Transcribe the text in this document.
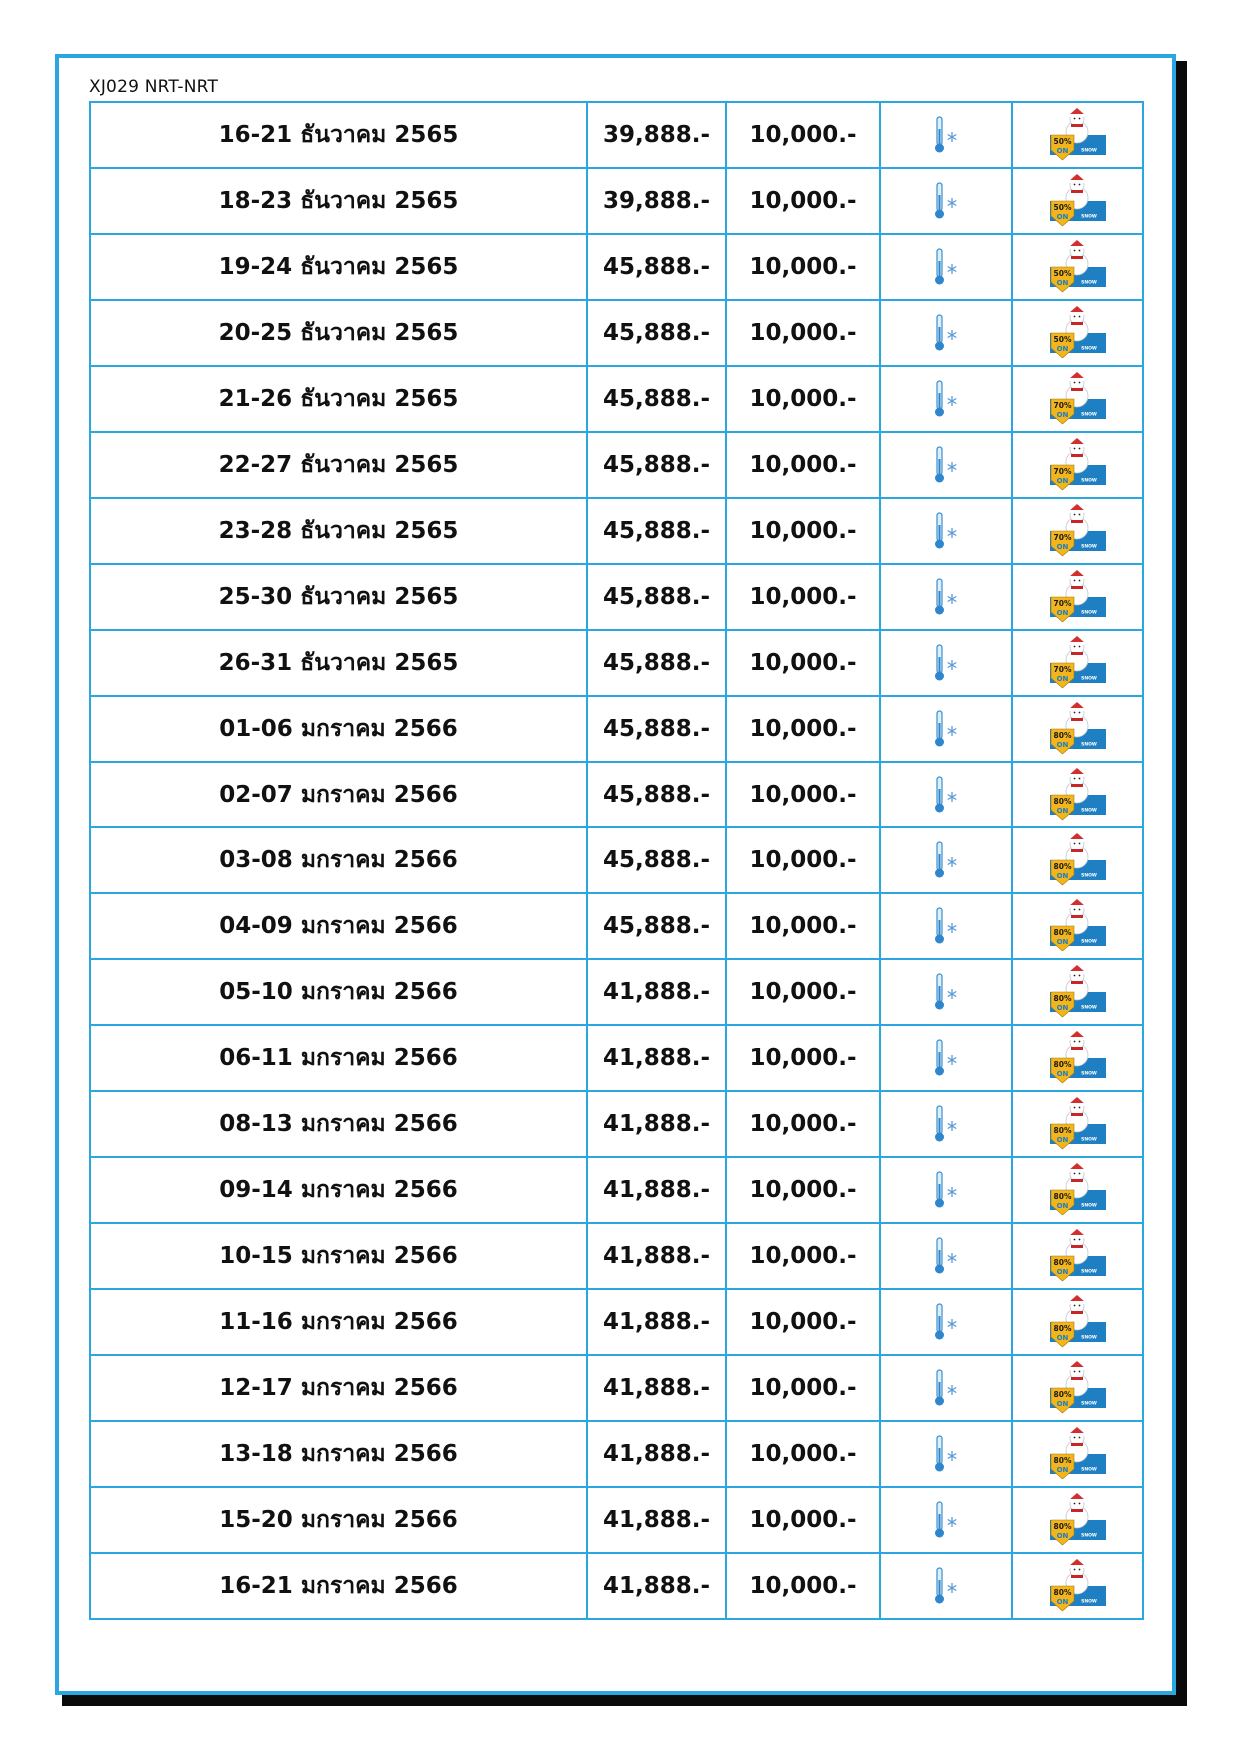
XJ029 NRT-NRT
16-21 ธันวาคม 2565	39,888.-	10,000.-		50%
ON SNOW

18-23 ธันวาคม 2565	39,888.-	10,000.-		50%
ON SNOW

19-24 ธันวาคม 2565	45,888.-	10,000.-		50%
ON SNOW

20-25 ธันวาคม 2565	45,888.-	10,000.-		50%
ON SNOW

21-26 ธันวาคม 2565	45,888.-	10,000.-		70%
ON SNOW

22-27 ธันวาคม 2565	45,888.-	10,000.-		70%
ON SNOW

23-28 ธันวาคม 2565	45,888.-	10,000.-		70%
ON SNOW

25-30 ธันวาคม 2565	45,888.-	10,000.-		70%
ON SNOW

26-31 ธันวาคม 2565	45,888.-	10,000.-		70%
ON SNOW

01-06 มกราคม 2566	45,888.-	10,000.-		80%
ON SNOW

02-07 มกราคม 2566	45,888.-	10,000.-		80%
ON SNOW

03-08 มกราคม 2566	45,888.-	10,000.-		80%
ON SNOW

04-09 มกราคม 2566	45,888.-	10,000.-		80%
ON SNOW

05-10 มกราคม 2566	41,888.-	10,000.-		80%
ON SNOW

06-11 มกราคม 2566	41,888.-	10,000.-		80%
ON SNOW

08-13 มกราคม 2566	41,888.-	10,000.-		80%
ON SNOW

09-14 มกราคม 2566	41,888.-	10,000.-		80%
ON SNOW

10-15 มกราคม 2566	41,888.-	10,000.-		80%
ON SNOW

11-16 มกราคม 2566	41,888.-	10,000.-		80%
ON SNOW

12-17 มกราคม 2566	41,888.-	10,000.-		80%
ON SNOW

13-18 มกราคม 2566	41,888.-	10,000.-		80%
ON SNOW

15-20 มกราคม 2566	41,888.-	10,000.-		80%
ON SNOW

16-21 มกราคม 2566	41,888.-	10,000.-		80%
ON SNOW
